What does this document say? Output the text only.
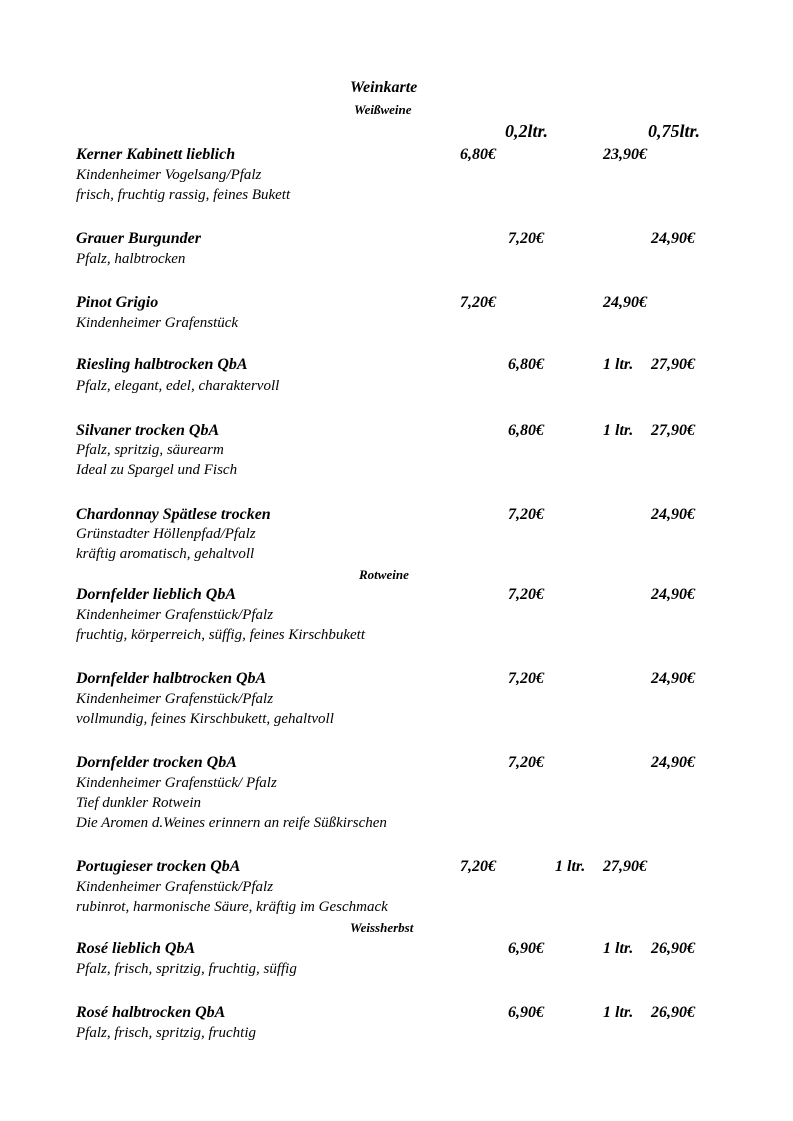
Weinkarte
Weißweine
0,2ltr.	0,75ltr.
Kerner Kabinett lieblich	6,80€	23,90€
Kindenheimer Vogelsang/Pfalz
frisch, fruchtig rassig, feines Bukett
Grauer Burgunder	7,20€	24,90€
Pfalz, halbtrocken
Pinot Grigio	7,20€	24,90€
Kindenheimer Grafenstück
Riesling halbtrocken QbA	6,80€	1 ltr. 27,90€
Pfalz, elegant, edel, charaktervoll
Silvaner trocken QbA	6,80€	1 ltr. 27,90€
Pfalz, spritzig, säurearm
Ideal zu Spargel und Fisch
Chardonnay Spätlese trocken	7,20€	24,90€
Grünstadter Höllenpfad/Pfalz
kräftig aromatisch, gehaltvoll
Rotweine
Dornfelder lieblich QbA	7,20€	24,90€
Kindenheimer Grafenstück/Pfalz
fruchtig, körperreich, süffig, feines Kirschbukett
Dornfelder halbtrocken QbA	7,20€	24,90€
Kindenheimer Grafenstück/Pfalz
vollmundig, feines Kirschbukett, gehaltvoll
Dornfelder trocken QbA	7,20€	24,90€
Kindenheimer Grafenstück/ Pfalz
Tief dunkler Rotwein
Die Aromen d.Weines erinnern an reife Süßkirschen
Portugieser trocken QbA	7,20€	1 ltr. 27,90€
Kindenheimer Grafenstück/Pfalz
rubinrot, harmonische Säure, kräftig im Geschmack
Weissherbst
Rosé lieblich QbA	6,90€	1 ltr. 26,90€
Pfalz, frisch, spritzig, fruchtig, süffig
Rosé halbtrocken QbA	6,90€	1 ltr. 26,90€
Pfalz, frisch, spritzig, fruchtig
